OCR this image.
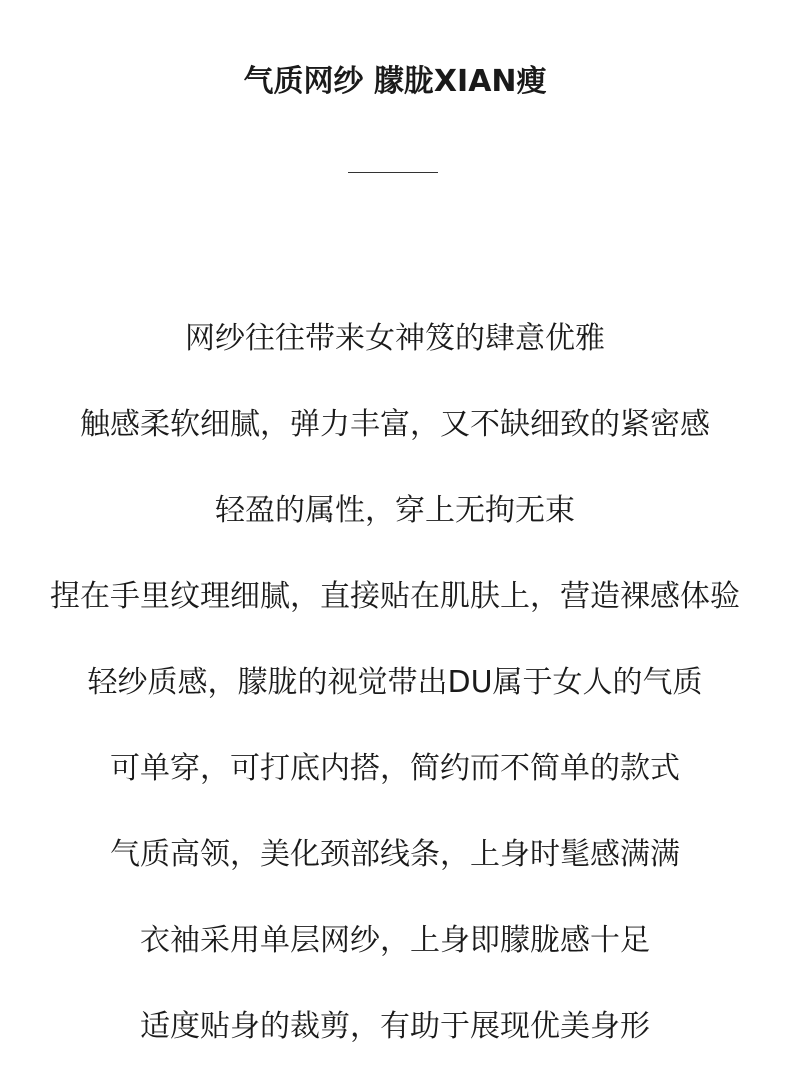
气质网纱 朦胧XIAN瘦
网纱往往带来女神笈的肆意优雅
触感柔软细腻，弹力丰富，又不缺细致的紧密感
轻盈的属性，穿上无拘无束
捏在手里纹理细腻，直接贴在肌肤上，营造裸感体验
轻纱质感，朦胧的视觉带出DU属于女人的气质
可单穿，可打底内搭，简约而不简单的款式
气质高领，美化颈部线条，上身时髦感满满
衣袖采用单层网纱，上身即朦胧感十足
适度贴身的裁剪，有助于展现优美身形
